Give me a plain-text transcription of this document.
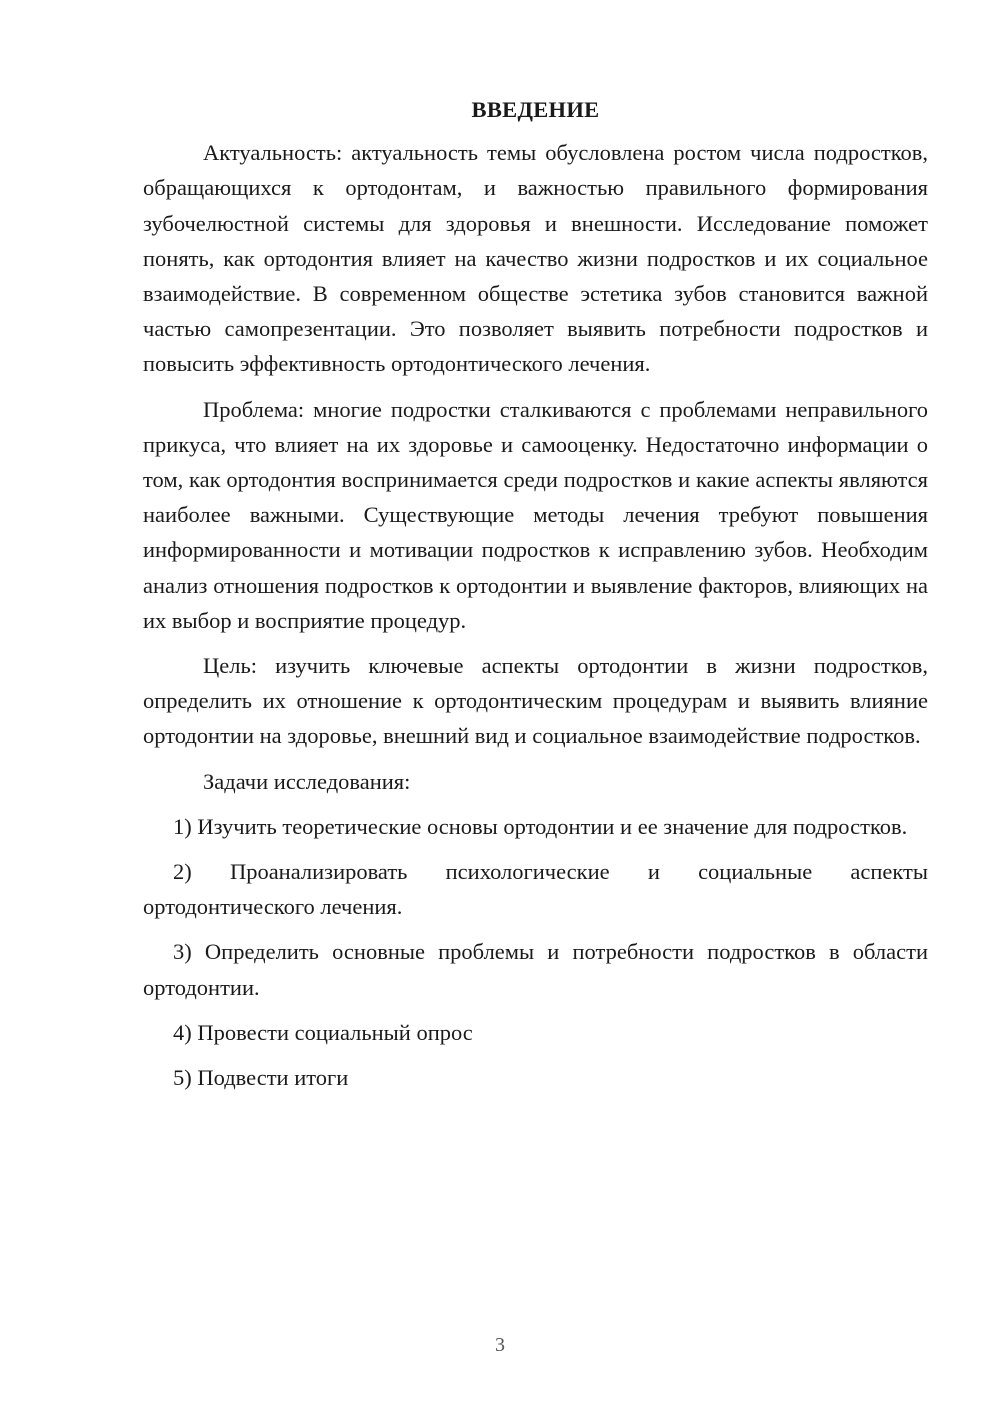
ВВЕДЕНИЕ

Актуальность: актуальность темы обусловлена ростом числа подростков, обращающихся к ортодонтам, и важностью правильного формирования зубочелюстной системы для здоровья и внешности. Исследование поможет понять, как ортодонтия влияет на качество жизни подростков и их социальное взаимодействие. В современном обществе эстетика зубов становится важной частью самопрезентации. Это позволяет выявить потребности подростков и повысить эффективность ортодонтического лечения.

Проблема: многие подростки сталкиваются с проблемами неправильного прикуса, что влияет на их здоровье и самооценку. Недостаточно информации о том, как ортодонтия воспринимается среди подростков и какие аспекты являются наиболее важными. Существующие методы лечения требуют повышения информированности и мотивации подростков к исправлению зубов. Необходим анализ отношения подростков к ортодонтии и выявление факторов, влияющих на их выбор и восприятие процедур.

Цель: изучить ключевые аспекты ортодонтии в жизни подростков, определить их отношение к ортодонтическим процедурам и выявить влияние ортодонтии на здоровье, внешний вид и социальное взаимодействие подростков.

Задачи исследования:

1) Изучить теоретические основы ортодонтии и ее значение для подростков.

2) Проанализировать психологические и социальные аспекты ортодонтического лечения.

3) Определить основные проблемы и потребности подростков в области ортодонтии.

4) Провести социальный опрос

5) Подвести итоги

3
